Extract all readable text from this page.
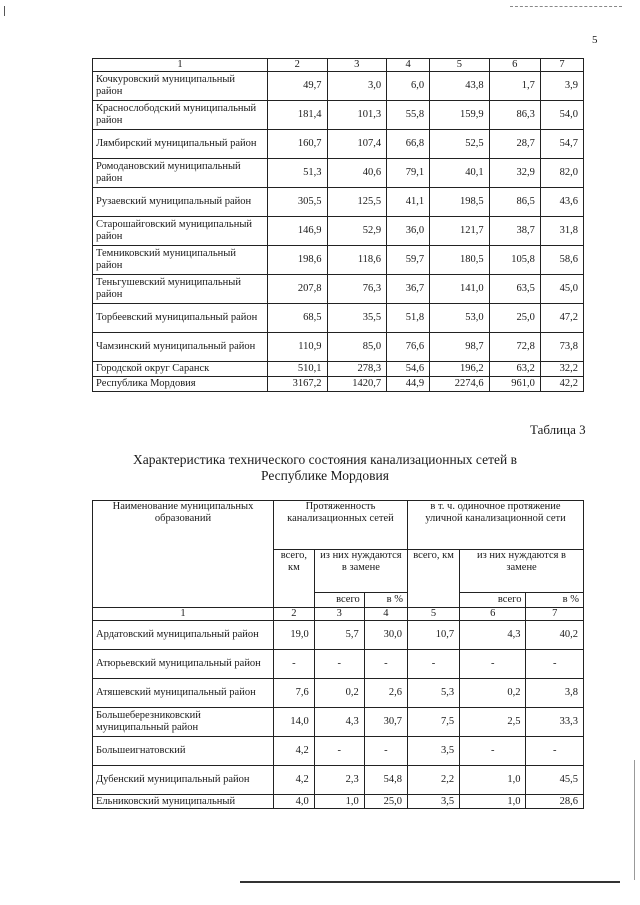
5
1	2	3	4	5	6	7
Кочкуровский муниципальный район	49,7	3,0	6,0	43,8	1,7	3,9
Краснослободский муниципальный район	181,4	101,3	55,8	159,9	86,3	54,0
Лямбирский муниципальный район	160,7	107,4	66,8	52,5	28,7	54,7
Ромодановский муниципальный район	51,3	40,6	79,1	40,1	32,9	82,0
Рузаевский муниципальный район	305,5	125,5	41,1	198,5	86,5	43,6
Старошайговский муниципальный район	146,9	52,9	36,0	121,7	38,7	31,8
Темниковский муниципальный район	198,6	118,6	59,7	180,5	105,8	58,6
Теньгушевский муниципальный район	207,8	76,3	36,7	141,0	63,5	45,0
Торбеевский муниципальный район	68,5	35,5	51,8	53,0	25,0	47,2
Чамзинский муниципальный район	110,9	85,0	76,6	98,7	72,8	73,8
Городской округ Саранск	510,1	278,3	54,6	196,2	63,2	32,2
Республика Мордовия	3167,2	1420,7	44,9	2274,6	961,0	42,2
Таблица 3
Характеристика технического состояния канализационных сетей в Республике Мордовия
Наименование муниципальных образований	Протяженность канализационных сетей			в т. ч. одиночное протяжение уличной канализационной сети		
	всего, км	из них нуждаются в замене		всего, км	из них нуждаются в замене	
		всего	в %		всего	в %
1	2	3	4	5	6	7
Ардатовский муниципальный район	19,0	5,7	30,0	10,7	4,3	40,2
Атюрьевский муниципальный район	-	-	-	-	-	-
Атяшевский муниципальный район	7,6	0,2	2,6	5,3	0,2	3,8
Большеберезниковский муниципальный район	14,0	4,3	30,7	7,5	2,5	33,3
Большеигнатовский	4,2	-	-	3,5	-	-
Дубенский муниципальный район	4,2	2,3	54,8	2,2	1,0	45,5
Ельниковский муниципальный	4,0	1,0	25,0	3,5	1,0	28,6
